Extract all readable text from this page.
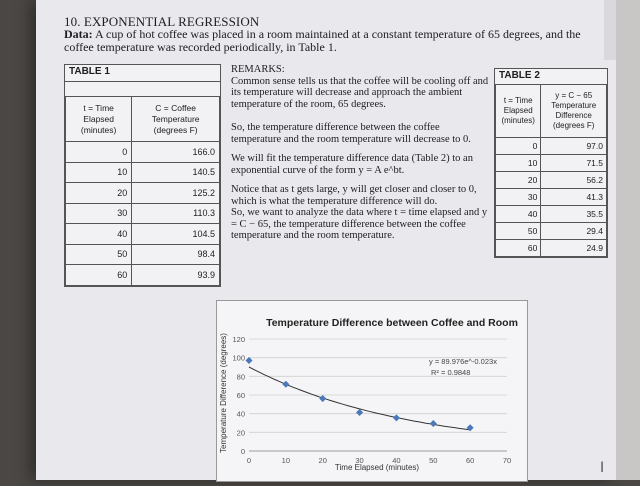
10. EXPONENTIAL REGRESSION
Data: A cup of hot coffee was placed in a room maintained at a constant temperature of 65 degrees, and the coffee temperature was recorded periodically, in Table 1.
TABLE 1
t = Time Elapsed (minutes)	C = Coffee Temperature (degrees F)
0	166.0
10	140.5
20	125.2
30	110.3
40	104.5
50	98.4
60	93.9
REMARKS:

Common sense tells us that the coffee will be cooling off and its temperature will decrease and approach the ambient temperature of the room, 65 degrees.

So, the temperature difference between the coffee temperature and the room temperature will decrease to 0.

We will fit the temperature difference data (Table 2) to an exponential curve of the form y = A e^bt.

Notice that as t gets large, y will get closer and closer to 0, which is what the temperature difference will do.

So, we want to analyze the data where t = time elapsed and y = C − 65, the temperature difference between the coffee temperature and the room temperature.

TABLE 2
t = Time Elapsed (minutes)	y = C − 65 Temperature Difference (degrees F)
0	97.0
10	71.5
20	56.2
30	41.3
40	35.5
50	29.4
60	24.9
Temperature Difference between Coffee and Room
Temperature Difference (degrees)
Time Elapsed (minutes)
y = 89.976e^-0.023x
R² = 0.9848
0
20
40
60
80
100
120
0	10	20	30	40	50	60	70	I
